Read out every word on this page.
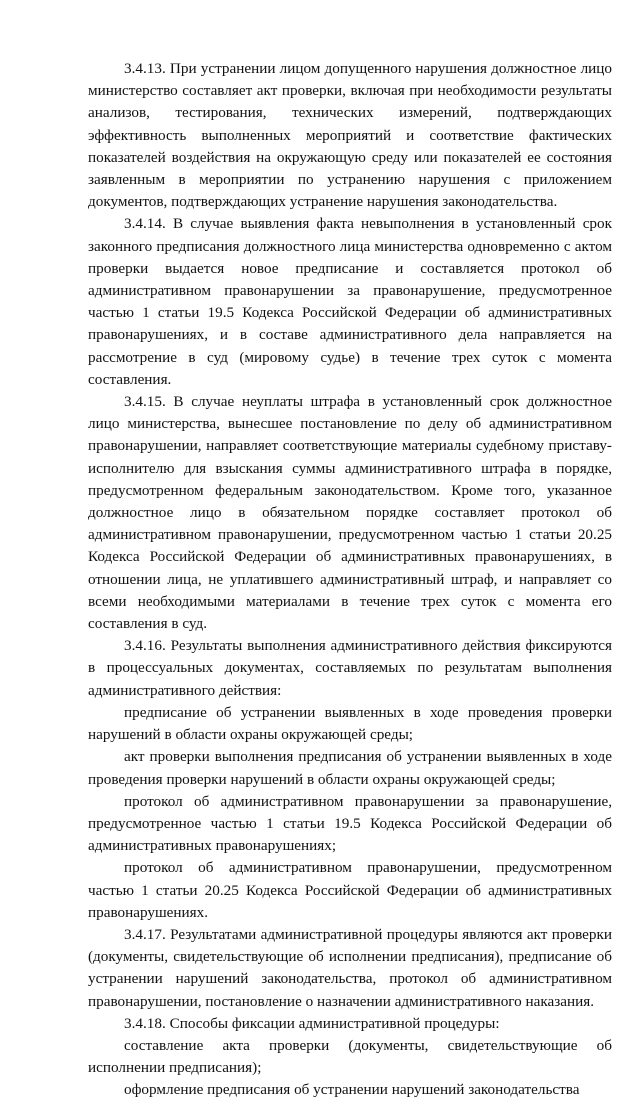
3.4.13. При устранении лицом допущенного нарушения должностное лицо министерство составляет акт проверки, включая при необходимости результаты анализов, тестирования, технических измерений, подтверждающих эффективность выполненных мероприятий и соответствие фактических показателей воздействия на окружающую среду или показателей ее состояния заявленным в мероприятии по устранению нарушения с приложением документов, подтверждающих устранение нарушения законодательства.

3.4.14. В случае выявления факта невыполнения в установленный срок законного предписания должностного лица министерства одновременно с актом проверки выдается новое предписание и составляется протокол об административном правонарушении за правонарушение, предусмотренное частью 1 статьи 19.5 Кодекса Российской Федерации об административных правонарушениях, и в составе административного дела направляется на рассмотрение в суд (мировому судье) в течение трех суток с момента составления.

3.4.15. В случае неуплаты штрафа в установленный срок должностное лицо министерства, вынесшее постановление по делу об административном правонарушении, направляет соответствующие материалы судебному приставу-исполнителю для взыскания суммы административного штрафа в порядке, предусмотренном федеральным законодательством. Кроме того, указанное должностное лицо в обязательном порядке составляет протокол об административном правонарушении, предусмотренном частью 1 статьи 20.25 Кодекса Российской Федерации об административных правонарушениях, в отношении лица, не уплатившего административный штраф, и направляет со всеми необходимыми материалами в течение трех суток с момента его составления в суд.

3.4.16. Результаты выполнения административного действия фиксируются в процессуальных документах, составляемых по результатам выполнения административного действия:

предписание об устранении выявленных в ходе проведения проверки нарушений в области охраны окружающей среды;

акт проверки выполнения предписания об устранении выявленных в ходе проведения проверки нарушений в области охраны окружающей среды;

протокол об административном правонарушении за правонарушение, предусмотренное частью 1 статьи 19.5 Кодекса Российской Федерации об административных правонарушениях;

протокол об административном правонарушении, предусмотренном частью 1 статьи 20.25 Кодекса Российской Федерации об административных правонарушениях.

3.4.17. Результатами административной процедуры являются акт проверки (документы, свидетельствующие об исполнении предписания), предписание об устранении нарушений законодательства, протокол об административном правонарушении, постановление о назначении административного наказания.

3.4.18. Способы фиксации административной процедуры:

составление акта проверки (документы, свидетельствующие об исполнении предписания);

оформление предписания об устранении нарушений законодательства
